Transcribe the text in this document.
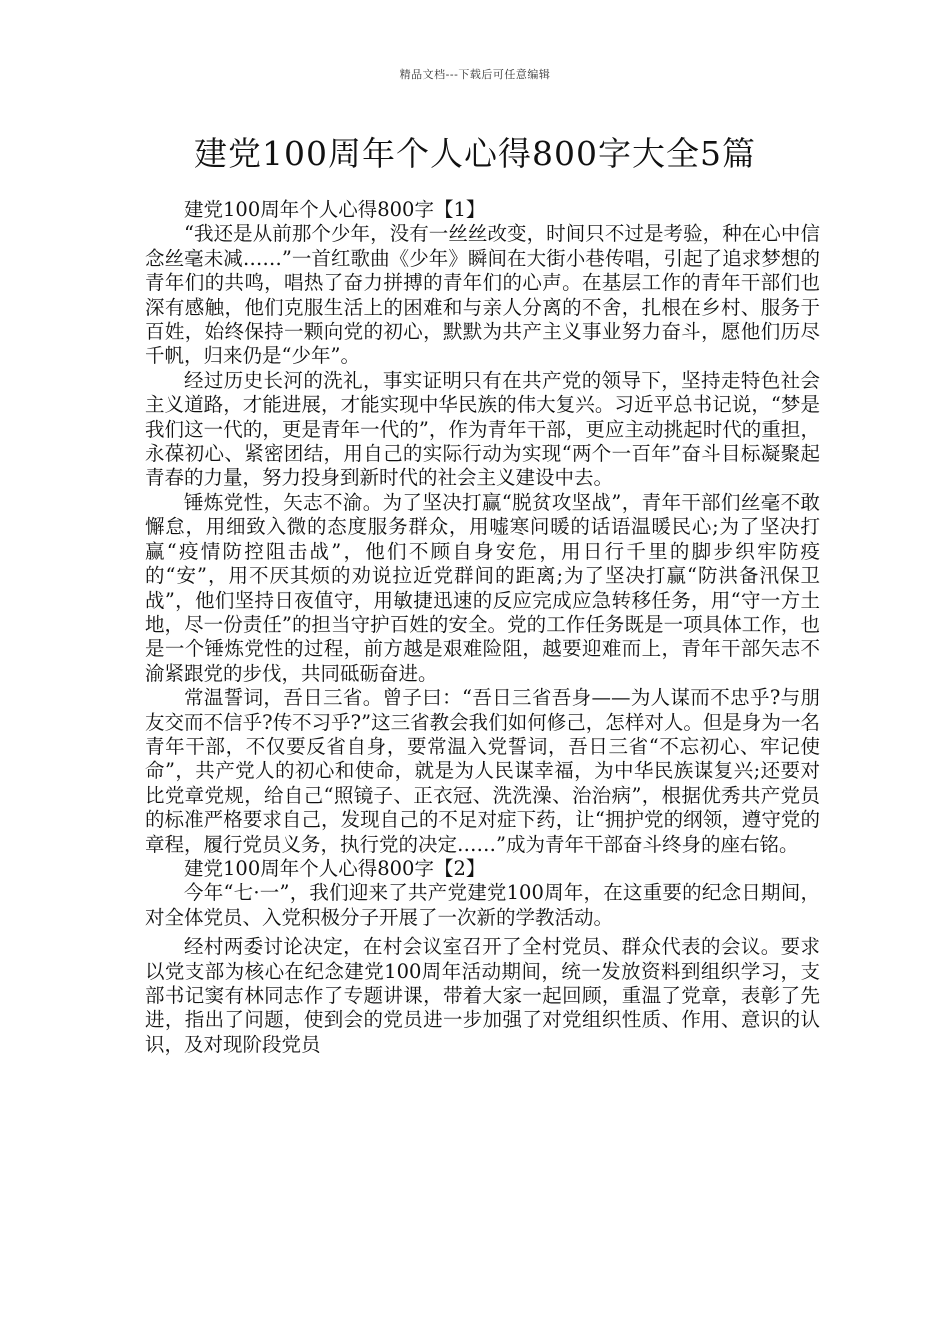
精品文档---下载后可任意编辑
建党100周年个人心得800字大全5篇

建党100周年个人心得800字【1】

“我还是从前那个少年，没有一丝丝改变，时间只不过是考验，种在心中信念丝毫未减……”一首红歌曲《少年》瞬间在大街小巷传唱，引起了追求梦想的青年们的共鸣，唱热了奋力拼搏的青年们的心声。在基层工作的青年干部们也深有感触，他们克服生活上的困难和与亲人分离的不舍，扎根在乡村、服务于百姓，始终保持一颗向党的初心，默默为共产主义事业努力奋斗，愿他们历尽千帆，归来仍是“少年”。

经过历史长河的洗礼，事实证明只有在共产党的领导下，坚持走特色社会主义道路，才能进展，才能实现中华民族的伟大复兴。习近平总书记说，“梦是我们这一代的，更是青年一代的”，作为青年干部，更应主动挑起时代的重担，永葆初心、紧密团结，用自己的实际行动为实现“两个一百年”奋斗目标凝聚起青春的力量，努力投身到新时代的社会主义建设中去。

锤炼党性，矢志不渝。为了坚决打赢“脱贫攻坚战”，青年干部们丝毫不敢懈怠，用细致入微的态度服务群众，用嘘寒问暖的话语温暖民心;为了坚决打赢“疫情防控阻击战”，他们不顾自身安危，用日行千里的脚步织牢防疫的“安”，用不厌其烦的劝说拉近党群间的距离;为了坚决打赢“防洪备汛保卫战”，他们坚持日夜值守，用敏捷迅速的反应完成应急转移任务，用“守一方土地，尽一份责任”的担当守护百姓的安全。党的工作任务既是一项具体工作，也是一个锤炼党性的过程，前方越是艰难险阻，越要迎难而上，青年干部矢志不渝紧跟党的步伐，共同砥砺奋进。

常温誓词，吾日三省。曾子曰：“吾日三省吾身——为人谋而不忠乎?与朋友交而不信乎?传不习乎?”这三省教会我们如何修己，怎样对人。但是身为一名青年干部，不仅要反省自身，要常温入党誓词，吾日三省“不忘初心、牢记使命”，共产党人的初心和使命，就是为人民谋幸福，为中华民族谋复兴;还要对比党章党规，给自己“照镜子、正衣冠、洗洗澡、治治病”，根据优秀共产党员的标准严格要求自己，发现自己的不足对症下药，让“拥护党的纲领，遵守党的章程，履行党员义务，执行党的决定……”成为青年干部奋斗终身的座右铭。

建党100周年个人心得800字【2】

今年“七·一”，我们迎来了共产党建党100周年，在这重要的纪念日期间，对全体党员、入党积极分子开展了一次新的学教活动。

经村两委讨论决定，在村会议室召开了全村党员、群众代表的会议。要求以党支部为核心在纪念建党100周年活动期间，统一发放资料到组织学习，支部书记窦有林同志作了专题讲课，带着大家一起回顾，重温了党章，表彰了先进，指出了问题，使到会的党员进一步加强了对党组织性质、作用、意识的认识，及对现阶段党员
